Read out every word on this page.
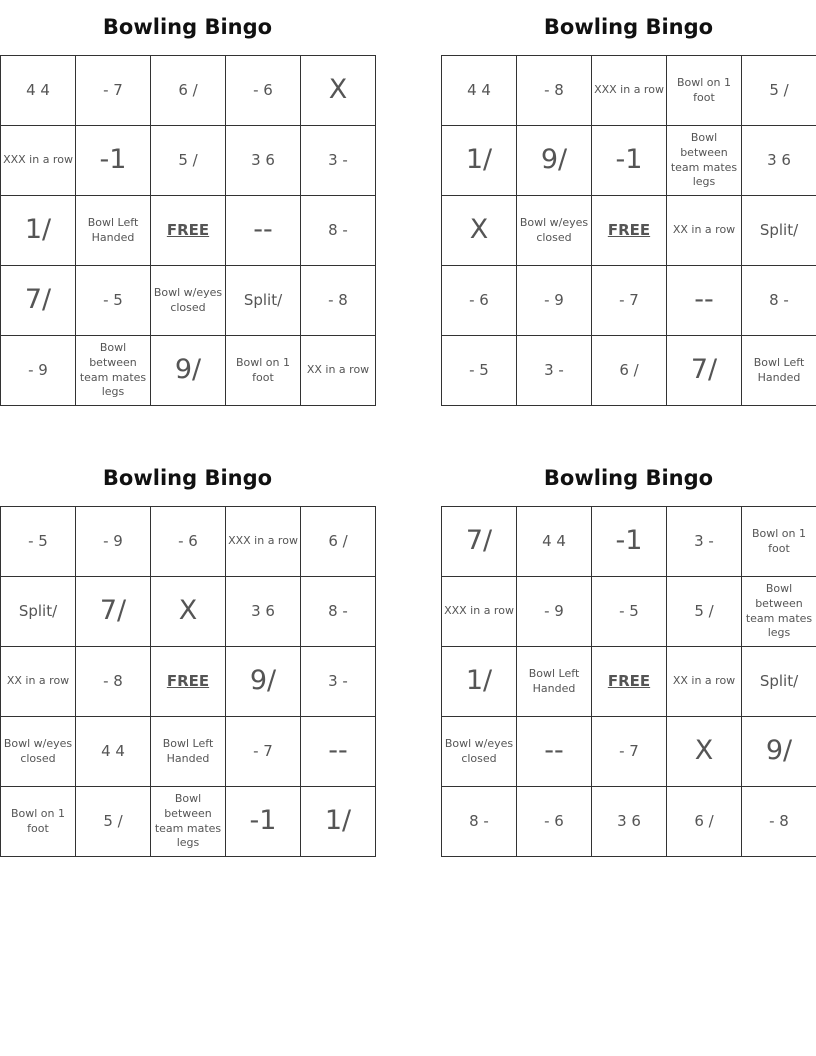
Bowling Bingo
4 4	- 7	6 /	- 6	X
XXX in a row	-1	5 /	3 6	3 -
1/	Bowl Left Handed	FREE	--	8 -
7/	- 5	Bowl w/eyes closed	Split/	- 8
- 9	Bowl between team mates legs	9/	Bowl on 1 foot	XX in a row
Bowling Bingo
4 4	- 8	XXX in a row	Bowl on 1 foot	5 /
1/	9/	-1	Bowl between team mates legs	3 6
X	Bowl w/eyes closed	FREE	XX in a row	Split/
- 6	- 9	- 7	--	8 -
- 5	3 -	6 /	7/	Bowl Left Handed
Bowling Bingo
- 5	- 9	- 6	XXX in a row	6 /
Split/	7/	X	3 6	8 -
XX in a row	- 8	FREE	9/	3 -
Bowl w/eyes closed	4 4	Bowl Left Handed	- 7	--
Bowl on 1 foot	5 /	Bowl between team mates legs	-1	1/
Bowling Bingo
7/	4 4	-1	3 -	Bowl on 1 foot
XXX in a row	- 9	- 5	5 /	Bowl between team mates legs
1/	Bowl Left Handed	FREE	XX in a row	Split/
Bowl w/eyes closed	--	- 7	X	9/
8 -	- 6	3 6	6 /	- 8
